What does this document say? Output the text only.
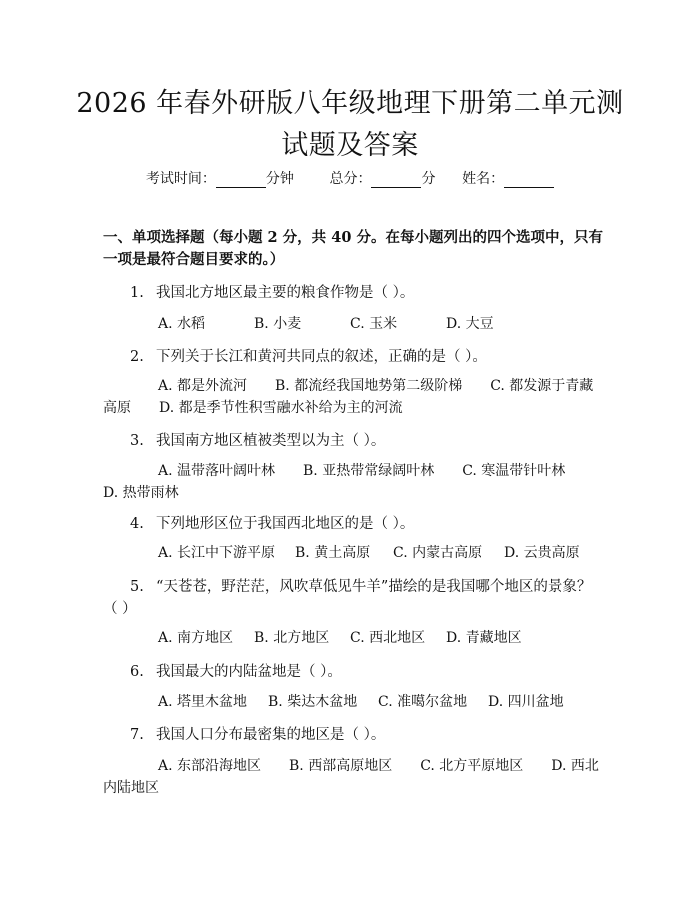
2026 年春外研版八年级地理下册第二单元测
试题及答案
考试时间：	分钟	总分：	分 姓名：
一、单项选择题（每小题 2 分，共 40 分。在每小题列出的四个选项中，只有一项是最符合题目要求的。）
1. 我国北方地区最主要的粮食作物是（ ）。
A. 水稻	B. 小麦	C. 玉米	D. 大豆
2. 下列关于长江和黄河共同点的叙述，正确的是（ ）。
A. 都是外流河　　B. 都流经我国地势第二级阶梯　　C. 都发源于青藏高原　　D. 都是季节性积雪融水补给为主的河流
3. 我国南方地区植被类型以为主（ ）。
A. 温带落叶阔叶林　　B. 亚热带常绿阔叶林　　C. 寒温带针叶林　　D. 热带雨林
4. 下列地形区位于我国西北地区的是（ ）。
A. 长江中下游平原	B. 黄土高原	C. 内蒙古高原	D. 云贵高原
5. “天苍苍，野茫茫，风吹草低见牛羊”描绘的是我国哪个地区的景象？（ ）
A. 南方地区	B. 北方地区	C. 西北地区	D. 青藏地区
6. 我国最大的内陆盆地是（ ）。
A. 塔里木盆地	B. 柴达木盆地	C. 准噶尔盆地	D. 四川盆地
7. 我国人口分布最密集的地区是（ ）。
A. 东部沿海地区　　B. 西部高原地区　　C. 北方平原地区　　D. 西北内陆地区
